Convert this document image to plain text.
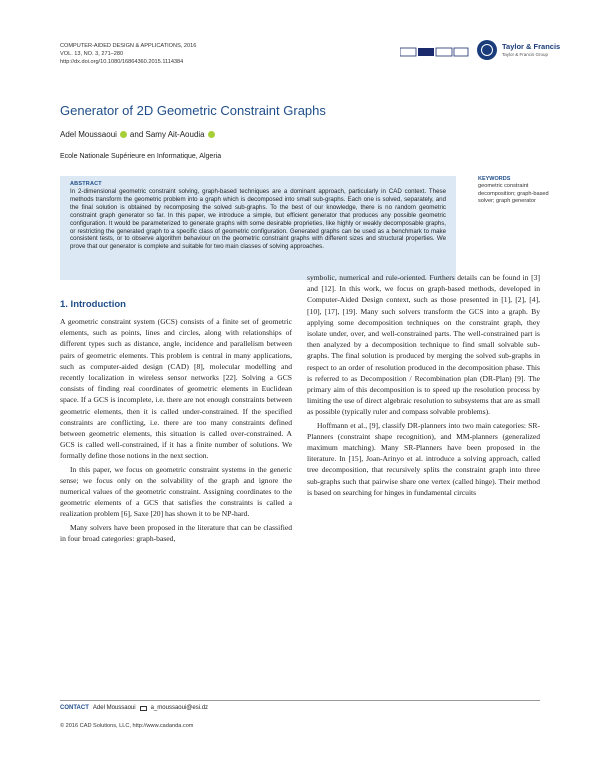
COMPUTER-AIDED DESIGN & APPLICATIONS, 2016
VOL. 13, NO. 3, 271–280
http://dx.doi.org/10.1080/16864360.2015.1114384
Taylor & Francis
Taylor & Francis Group
Generator of 2D Geometric Constraint Graphs
Adel Moussaoui and Samy Ait-Aoudia
Ecole Nationale Supérieure en Informatique, Algeria
ABSTRACT
In 2-dimensional geometric constraint solving, graph-based techniques are a dominant approach, particularly in CAD context. These methods transform the geometric problem into a graph which is decomposed into small sub-graphs. Each one is solved, separately, and the final solution is obtained by recomposing the solved sub-graphs. To the best of our knowledge, there is no random geometric constraint graph generator so far. In this paper, we introduce a simple, but efficient generator that produces any possible geometric configuration. It would be parameterized to generate graphs with some desirable proprieties, like highly or weakly decomposable graphs, or restricting the generated graph to a specific class of geometric configuration. Generated graphs can be used as a benchmark to make consistent tests, or to observe algorithm behaviour on the geometric constraint graphs with different sizes and structural properties. We prove that our generator is complete and suitable for two main classes of solving approaches.
KEYWORDS
geometric constraint decomposition; graph-based solver; graph generator
1. Introduction

A geometric constraint system (GCS) consists of a finite set of geometric elements, such as points, lines and circles, along with relationships of different types such as distance, angle, incidence and parallelism between pairs of geometric elements. This problem is central in many applications, such as computer-aided design (CAD) [8], molecular modelling and recently localization in wireless sensor networks [22]. Solving a GCS consists of finding real coordinates of geometric elements in Euclidean space. If a GCS is incomplete, i.e. there are not enough constraints between geometric elements, then it is called under-constrained. If the specified constraints are conflicting, i.e. there are too many constraints defined between geometric elements, this situation is called over-constrained. A GCS is called well-constrained, if it has a finite number of solutions. We formally define those notions in the next section.

In this paper, we focus on geometric constraint systems in the generic sense; we focus only on the solvability of the graph and ignore the numerical values of the geometric constraint. Assigning coordinates to the geometric elements of a GCS that satisfies the constraints is called a realization problem [6], Saxe [20] has shown it to be NP-hard.

Many solvers have been proposed in the literature that can be classified in four broad categories: graph-based,

symbolic, numerical and rule-oriented. Furthers details can be found in [3] and [12]. In this work, we focus on graph-based methods, developed in Computer-Aided Design context, such as those presented in [1], [2], [4], [10], [17], [19]. Many such solvers transform the GCS into a graph. By applying some decomposition techniques on the constraint graph, they isolate under, over, and well-constrained parts. The well-constrained part is then analyzed by a decomposition technique to find small solvable sub-graphs. The final solution is produced by merging the solved sub-graphs in respect to an order of resolution produced in the decomposition phase. This is referred to as Decomposition / Recombination plan (DR-Plan) [9]. The primary aim of this decomposition is to speed up the resolution process by limiting the use of direct algebraic resolution to subsystems that are as small as possible (typically ruler and compass solvable problems).

Hoffmann et al., [9], classify DR-planners into two main categories: SR-Planners (constraint shape recognition), and MM-planners (generalized maximum matching). Many SR-Planners have been proposed in the literature. In [15], Joan-Arinyo et al. introduce a solving approach, called tree decomposition, that recursively splits the constraint graph into three sub-graphs such that pairwise share one vertex (called hinge). Their method is based on searching for hinges in fundamental circuits

CONTACT Adel Moussaoui	a_moussaoui@esi.dz
© 2016 CAD Solutions, LLC, http://www.cadanda.com
